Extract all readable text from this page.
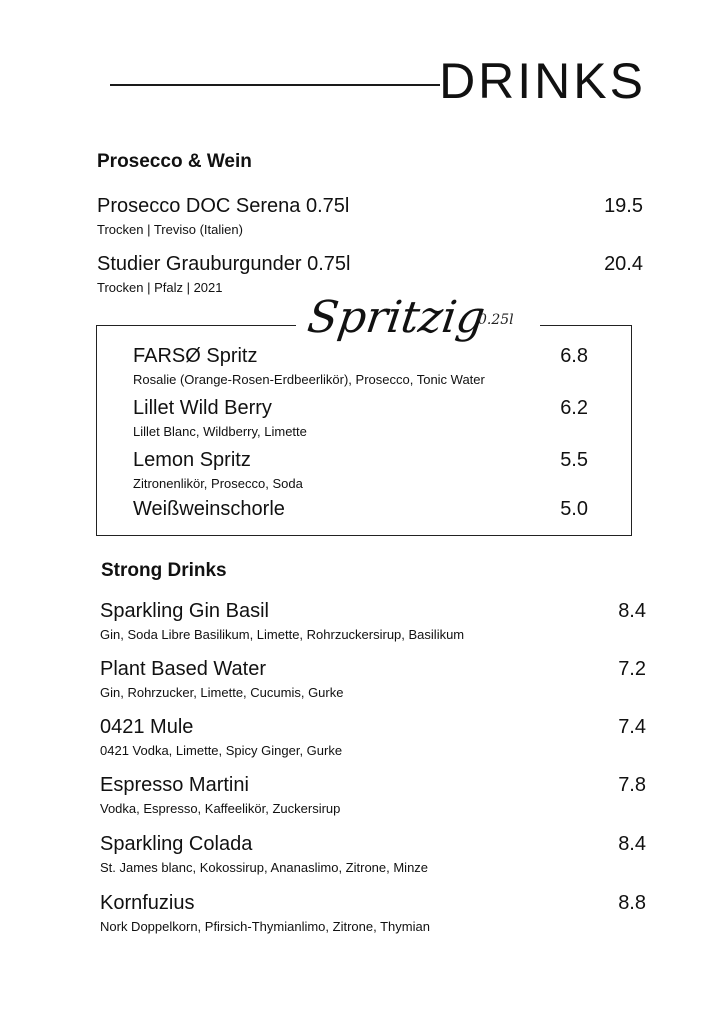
DRINKS
Prosecco & Wein
Prosecco DOC Serena 0.75l
Trocken | Treviso (Italien)
19.5
Studier Grauburgunder 0.75l
Trocken | Pfalz | 2021
20.4
Spritzig
0.25l
FARSØ Spritz
Rosalie (Orange-Rosen-Erdbeerlikör), Prosecco, Tonic Water
6.8
Lillet Wild Berry
Lillet Blanc, Wildberry, Limette
6.2
Lemon Spritz
Zitronenlikör, Prosecco, Soda
5.5
Weißweinschorle	5.0
Strong Drinks
Sparkling Gin Basil
Gin, Soda Libre Basilikum, Limette, Rohrzuckersirup, Basilikum
8.4
Plant Based Water
Gin, Rohrzucker, Limette, Cucumis, Gurke
7.2
0421 Mule
0421 Vodka, Limette, Spicy Ginger, Gurke
7.4
Espresso Martini
Vodka, Espresso, Kaffeelikör, Zuckersirup
7.8
Sparkling Colada
St. James blanc, Kokossirup, Ananaslimo, Zitrone, Minze
8.4
Kornfuzius
Nork Doppelkorn, Pfirsich-Thymianlimo, Zitrone, Thymian
8.8
